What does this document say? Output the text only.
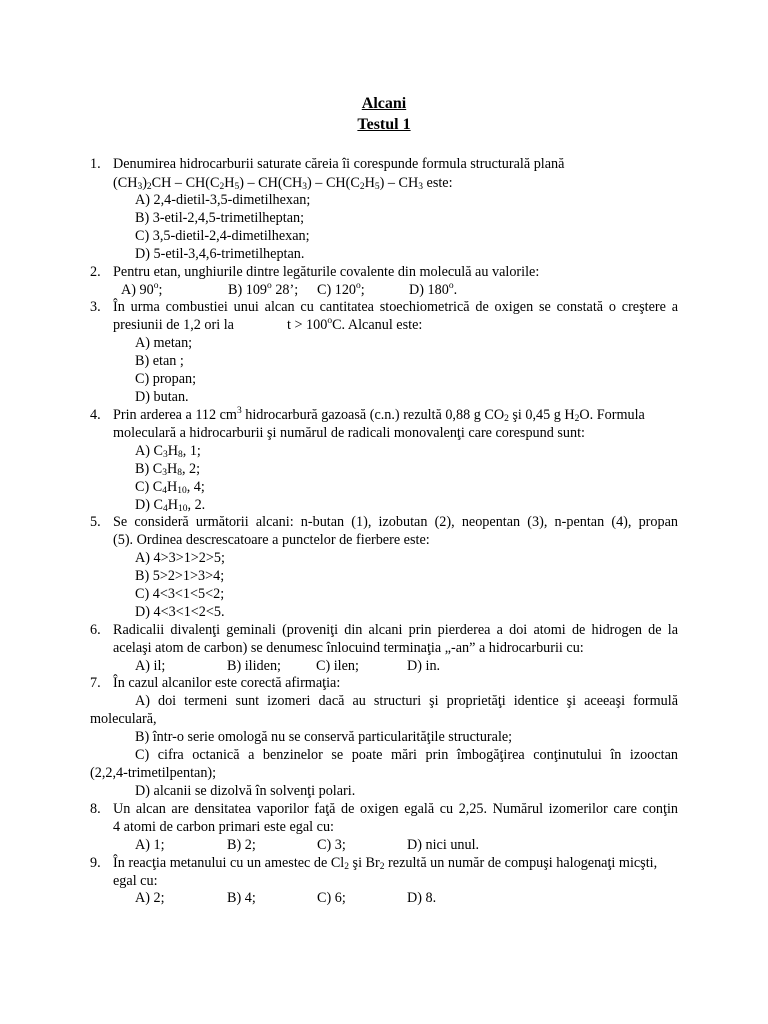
Alcani
Testul 1
1. Denumirea hidrocarburii saturate căreia îi corespunde formula structurală plană
$(CH_3)_2CH - CH(C_2H_5) - CH(CH_3) - CH(C_2H_5) - CH_3$ este:
A) 2,4-dietil-3,5-dimetilhexan;
B) 3-etil-2,4,5-trimetilheptan;
C) 3,5-dietil-2,4-dimetilhexan;
D) 5-etil-3,4,6-trimetilheptan.
2. Pentru etan, unghiurile dintre legăturile covalente din moleculă au valorile:
A) 90$^o$;	B) 109$^o$ 28’; C) 120$^o$;	D) 180$^o$.
3. În urma combustiei unui alcan cu cantitatea stoechiometrică de oxigen se constată o creştere a
presiunii de 1,2 ori la	$t > 100^oC$. Alcanul este:
A) metan;
B) etan ;
C) propan;
D) butan.
4. Prin arderea a 112 $cm^3$ hidrocarbură gazoasă (c.n.) rezultă 0,88 g $CO_2$ şi 0,45 g $H_2O$. Formula
moleculară a hidrocarburii şi numărul de radicali monovalenţi care corespund sunt:
A) $C_3H_8$, 1;
B) $C_3H_8$, 2;
C) $C_4H_{10}$, 4;
D) $C_4H_{10}$, 2.
5. Se consideră următorii alcani: n-butan (1), izobutan (2), neopentan (3), n-pentan (4), propan
(5). Ordinea descrescatoare a punctelor de fierbere este:
A) 4>3>1>2>5;
B) 5>2>1>3>4;
C) 4<3<1<5<2;
D) 4<3<1<2<5.
6. Radicalii divalenţi geminali (proveniţi din alcani prin pierderea a doi atomi de hidrogen de la
acelaşi atom de carbon) se denumesc înlocuind terminaţia „-an” a hidrocarburii cu:
A) il;	B) iliden; C) ilen;	D) in.
7. În cazul alcanilor este corectă afirmaţia:
A) doi termeni sunt izomeri dacă au structuri şi proprietăţi identice şi aceeaşi formulă
moleculară,
B) într-o serie omologă nu se conservă particularităţile structurale;
C) cifra octanică a benzinelor se poate mări prin îmbogăţirea conţinutului în izooctan
(2,2,4-trimetilpentan);
D) alcanii se dizolvă în solvenţi polari.
8. Un alcan are densitatea vaporilor faţă de oxigen egală cu 2,25. Numărul izomerilor care conţin
4 atomi de carbon primari este egal cu:
A) 1;	B) 2;	C) 3;	D) nici unul.
9. În reacţia metanului cu un amestec de $Cl_2$ şi $Br_2$ rezultă un număr de compuşi halogenaţi micşti,
egal cu:
A) 2;	B) 4;	C) 6;	D) 8.
